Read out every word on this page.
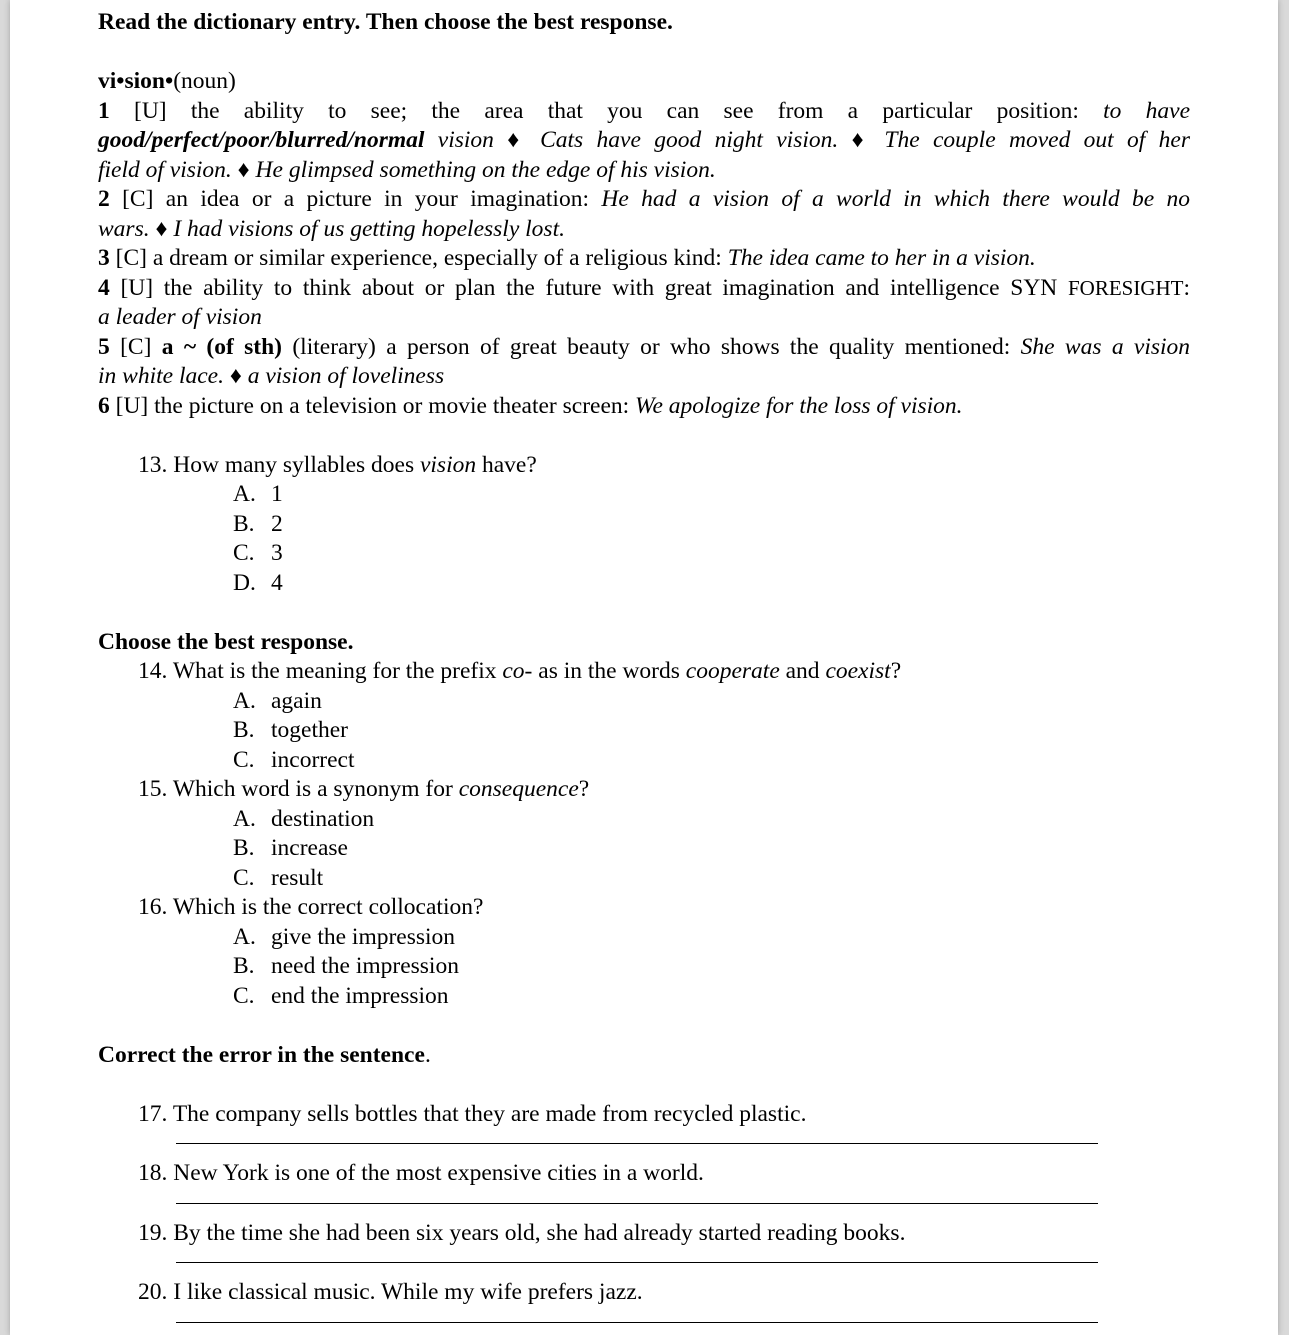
Read the dictionary entry. Then choose the best response.

vi•sion•(noun)

1 [U] the ability to see; the area that you can see from a particular position: to have

good/perfect/poor/blurred/normal vision ♦ Cats have good night vision. ♦ The couple moved out of her

field of vision. ♦ He glimpsed something on the edge of his vision.

2 [C] an idea or a picture in your imagination: He had a vision of a world in which there would be no

wars. ♦ I had visions of us getting hopelessly lost.

3 [C] a dream or similar experience, especially of a religious kind: The idea came to her in a vision.

4 [U] the ability to think about or plan the future with great imagination and intelligence SYN FORESIGHT:

a leader of vision

5 [C] a ~ (of sth) (literary) a person of great beauty or who shows the quality mentioned: She was a vision

in white lace. ♦ a vision of loveliness

6 [U] the picture on a television or movie theater screen: We apologize for the loss of vision.

13. How many syllables does vision have?
A. 1
B. 2
C. 3
D. 4
Choose the best response.
14. What is the meaning for the prefix co- as in the words cooperate and coexist?
A. again
B. together
C. incorrect
15. Which word is a synonym for consequence?
A. destination
B. increase
C. result
16. Which is the correct collocation?
A. give the impression
B. need the impression
C. end the impression
Correct the error in the sentence.
17. The company sells bottles that they are made from recycled plastic.
18. New York is one of the most expensive cities in a world.
19. By the time she had been six years old, she had already started reading books.
20. I like classical music. While my wife prefers jazz.
